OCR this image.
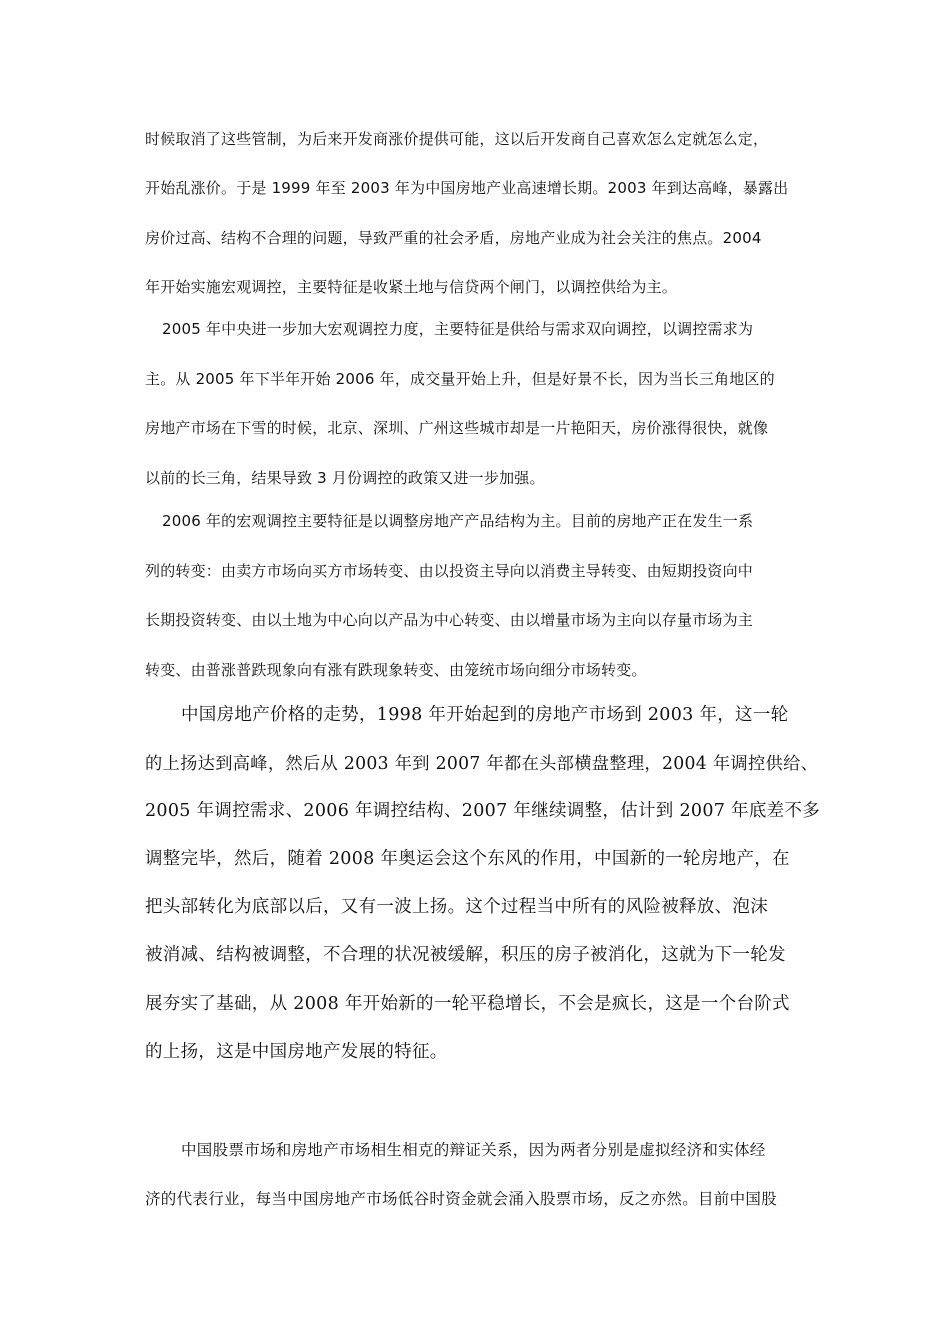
时候取消了这些管制，为后来开发商涨价提供可能，这以后开发商自己喜欢怎么定就怎么定，
开始乱涨价。于是 1999 年至 2003 年为中国房地产业高速增长期。2003 年到达高峰，暴露出
房价过高、结构不合理的问题，导致严重的社会矛盾，房地产业成为社会关注的焦点。2004
年开始实施宏观调控，主要特征是收紧土地与信贷两个闸门，以调控供给为主。
2005 年中央进一步加大宏观调控力度，主要特征是供给与需求双向调控，以调控需求为
主。从 2005 年下半年开始 2006 年，成交量开始上升，但是好景不长，因为当长三角地区的
房地产市场在下雪的时候，北京、深圳、广州这些城市却是一片艳阳天，房价涨得很快，就像
以前的长三角，结果导致 3 月份调控的政策又进一步加强。
2006 年的宏观调控主要特征是以调整房地产产品结构为主。目前的房地产正在发生一系
列的转变：由卖方市场向买方市场转变、由以投资主导向以消费主导转变、由短期投资向中
长期投资转变、由以土地为中心向以产品为中心转变、由以增量市场为主向以存量市场为主
转变、由普涨普跌现象向有涨有跌现象转变、由笼统市场向细分市场转变。
中国房地产价格的走势，1998 年开始起到的房地产市场到 2003 年，这一轮
的上扬达到高峰，然后从 2003 年到 2007 年都在头部横盘整理，2004 年调控供给、
2005 年调控需求、2006 年调控结构、2007 年继续调整，估计到 2007 年底差不多
调整完毕，然后，随着 2008 年奥运会这个东风的作用，中国新的一轮房地产，在
把头部转化为底部以后，又有一波上扬。这个过程当中所有的风险被释放、泡沫
被消减、结构被调整，不合理的状况被缓解，积压的房子被消化，这就为下一轮发
展夯实了基础，从 2008 年开始新的一轮平稳增长，不会是疯长，这是一个台阶式
的上扬，这是中国房地产发展的特征。
中国股票市场和房地产市场相生相克的辩证关系，因为两者分别是虚拟经济和实体经
济的代表行业，每当中国房地产市场低谷时资金就会涌入股票市场，反之亦然。目前中国股
